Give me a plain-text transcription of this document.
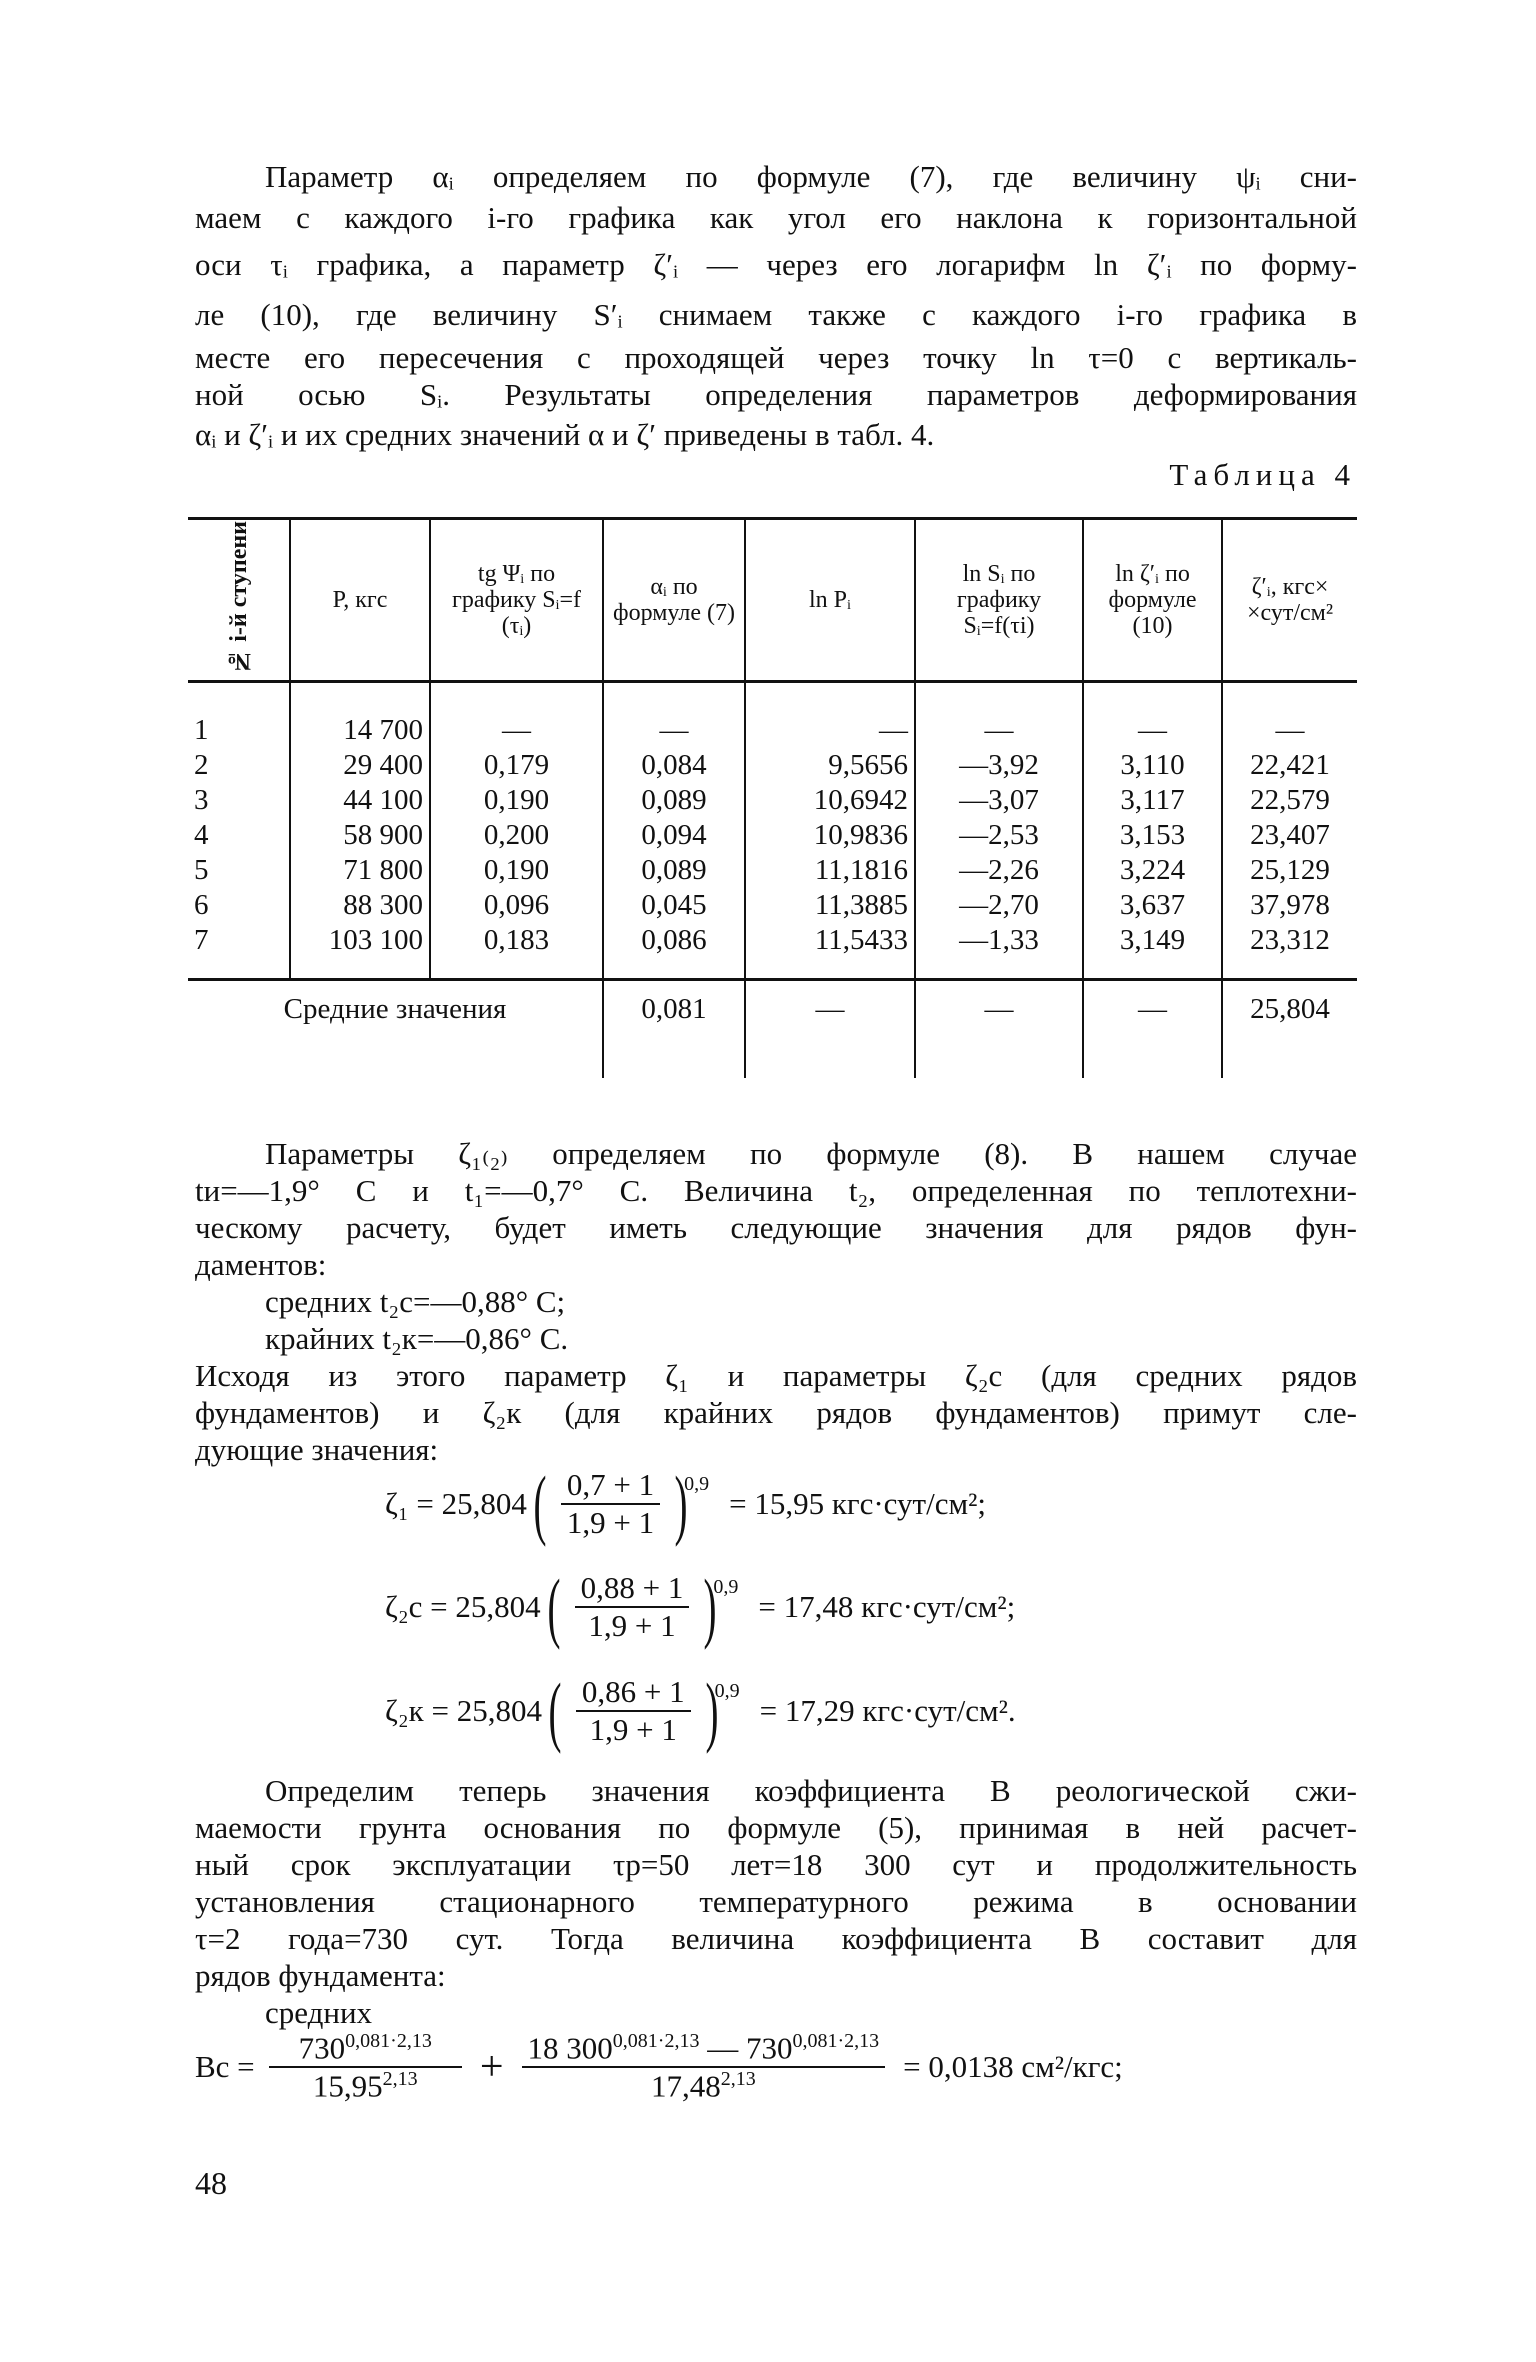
Параметр αᵢ определяем по формуле (7), где величину ψᵢ сни-
маем с каждого i-го графика как угол его наклона к горизонтальной
оси τᵢ графика, а параметр ζ′ᵢ — через его логарифм ln ζ′ᵢ по форму-
ле (10), где величину S′ᵢ снимаем также с каждого i-го графика в
месте его пересечения с проходящей через точку ln τ=0 с вертикаль-
ной осью Sᵢ. Результаты определения параметров деформирования
αᵢ и ζ′ᵢ и их средних значений α и ζ′ приведены в табл. 4.
Таблица 4
№ i-й ступени	P, кгс	tg Ψᵢ по графику Sᵢ=f (τᵢ)	αᵢ по формуле (7)	ln Pᵢ	ln Sᵢ по графику Sᵢ=f(τi)	ln ζ′ᵢ по формуле (10)	ζ′ᵢ, кгс× ×сут/см²
1	14 700	—	—	—	—	—	—
2	29 400	0,179	0,084	9,5656	—3,92	3,110	22,421
3	44 100	0,190	0,089	10,6942	—3,07	3,117	22,579
4	58 900	0,200	0,094	10,9836	—2,53	3,153	23,407
5	71 800	0,190	0,089	11,1816	—2,26	3,224	25,129
6	88 300	0,096	0,045	11,3885	—2,70	3,637	37,978
7	103 100	0,183	0,086	11,5433	—1,33	3,149	23,312
Средние значения			0,081	—	—	—	25,804
Параметры ζ₁₍₂₎ определяем по формуле (8). В нашем случае
tи=—1,9° С и t₁=—0,7° С. Величина t₂, определенная по теплотехни-
ческому расчету, будет иметь следующие значения для рядов фун-
даментов:
средних t₂с=—0,88° С;
крайних t₂к=—0,86° С.
Исходя из этого параметр ζ₁ и параметры ζ₂с (для средних рядов
фундаментов) и ζ₂к (для крайних рядов фундаментов) примут сле-
дующие значения:
ζ₁ = 25,804 ( $\frac{0,7 + 1}{1,9 + 1}$ )
0,9
= 15,95 кгс·сут/см²;
ζ₂с = 25,804 ( $\frac{0,88 + 1}{1,9 + 1}$ )
0,9
= 17,48 кгс·сут/см²;
ζ₂к = 25,804 ( $\frac{0,86 + 1}{1,9 + 1}$ )
0,9
= 17,29 кгс·сут/см².
Определим теперь значения коэффициента B реологической сжи-
маемости грунта основания по формуле (5), принимая в ней расчет-
ный срок эксплуатации τр=50 лет=18 300 сут и продолжительность
установления стационарного температурного режима в основании
τ=2 года=730 сут. Тогда величина коэффициента B составит для
рядов фундамента:
средних
Bс = $\frac{730^{0,081\cdot 2,13}}{15,95^{2,13}} + \frac{18 300^{0,081\cdot 2,13} — 730^{0,081\cdot 2,13}}{17,48^{2,13}} = 0,0138$ см²/кгс;
48
